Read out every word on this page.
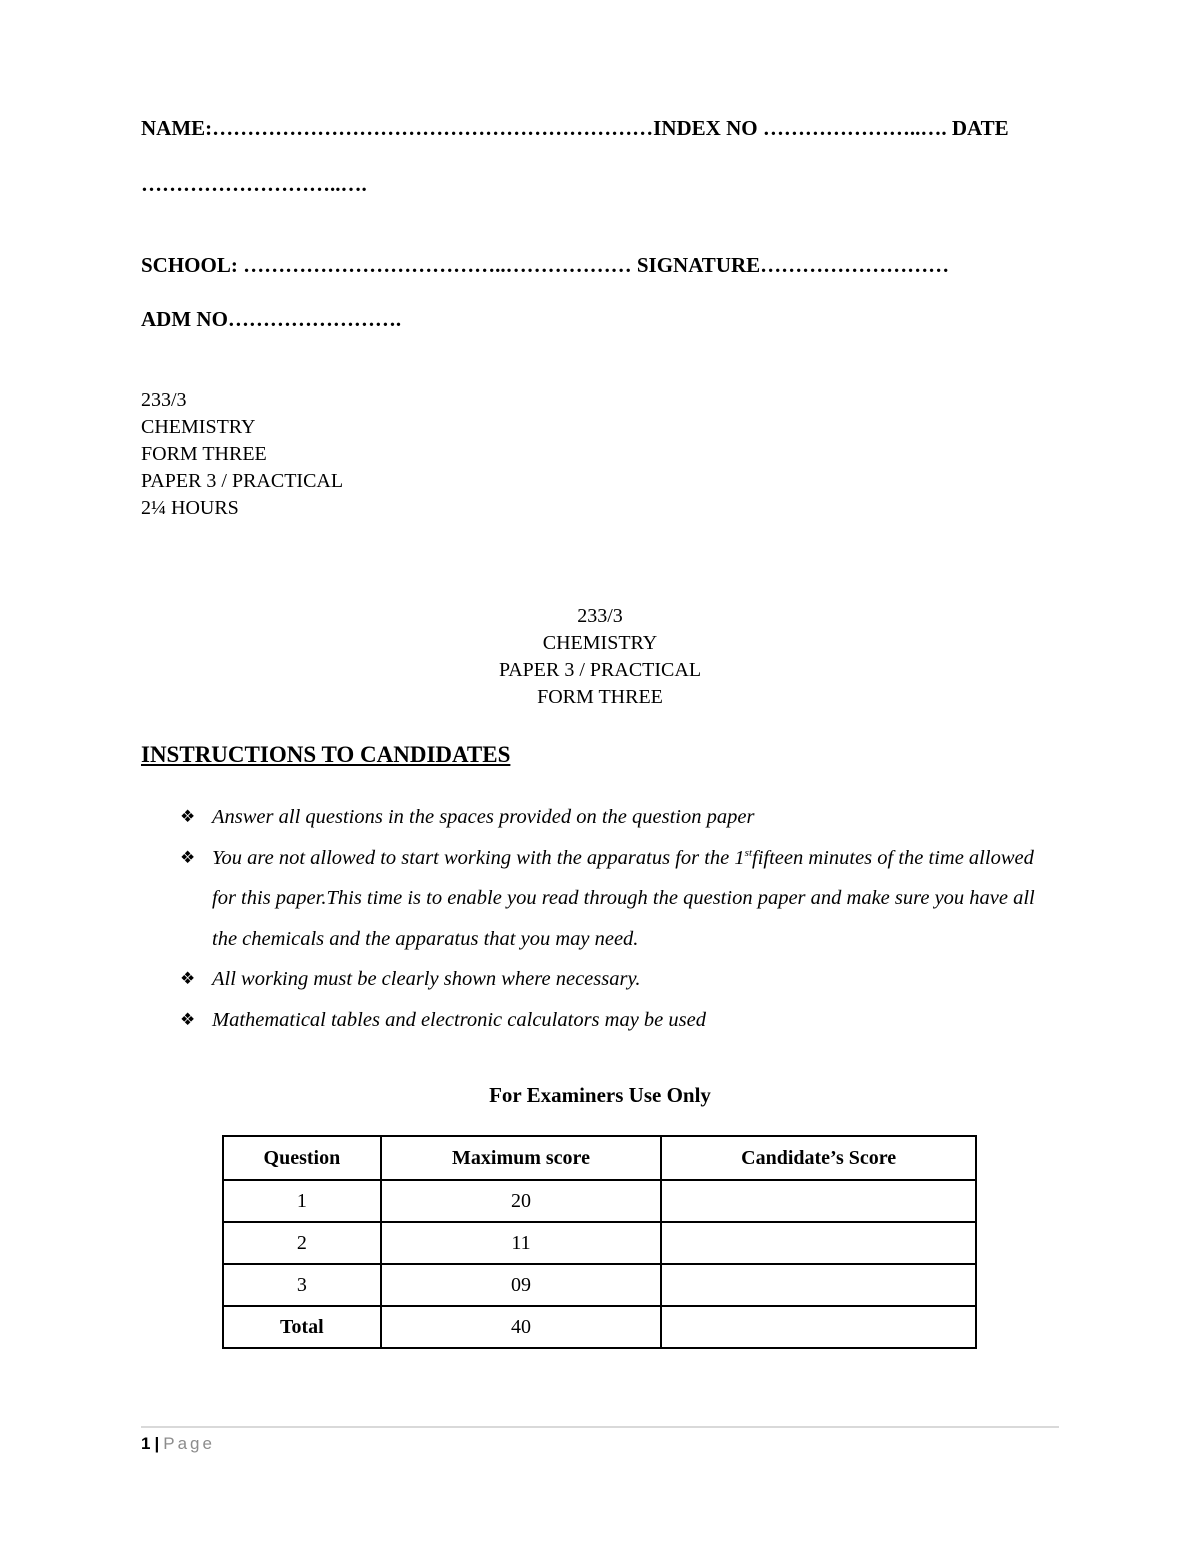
NAME:………………………………………………………INDEX NO …………………..…. DATE
………………………..….
SCHOOL: ………………………………..……………… SIGNATURE………………………
ADM NO…………………….
233/3
CHEMISTRY
FORM THREE
PAPER 3 / PRACTICAL
2¼ HOURS
233/3
CHEMISTRY
PAPER 3 / PRACTICAL
FORM THREE
INSTRUCTIONS TO CANDIDATES
❖ Answer all questions in the spaces provided on the question paper
❖ You are not allowed to start working with the apparatus for the 1stfifteen minutes of the time allowed for this paper.This time is to enable you read through the question paper and make sure you have all the chemicals and the apparatus that you may need.
❖ All working must be clearly shown where necessary.
❖ Mathematical tables and electronic calculators may be used
For Examiners Use Only
Question	Maximum score	Candidate’s Score
1	20	
2	11	
3	09	
Total	40	
1 | Page
